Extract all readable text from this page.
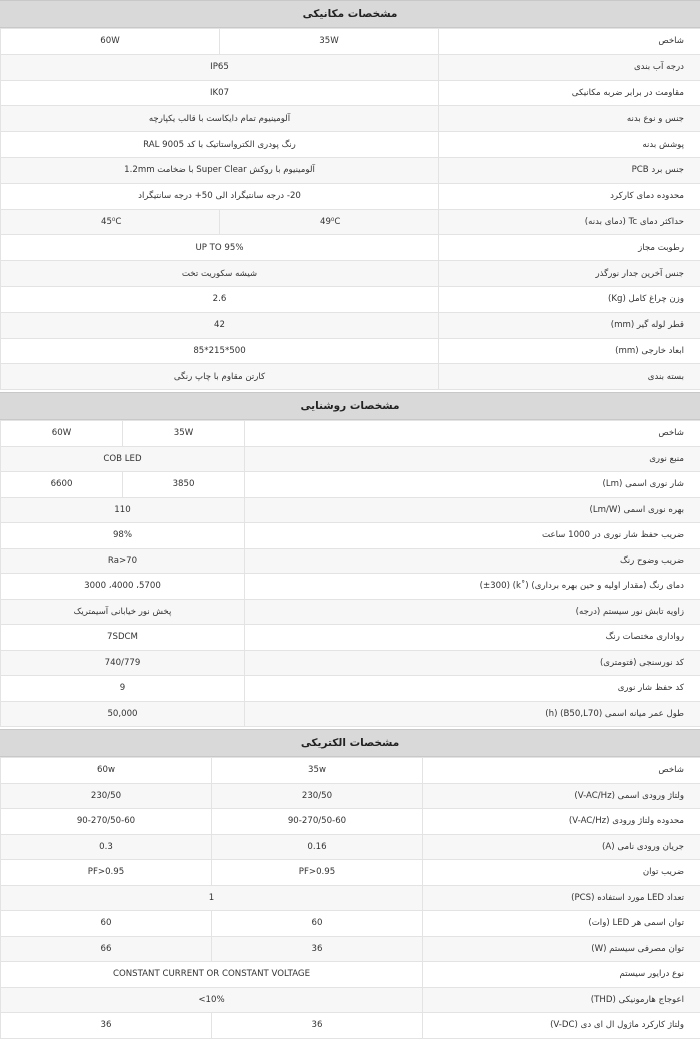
مشخصات مکانیکی
60W	35W	شاخص
IP65		درجه آب بندی
IK07		مقاومت در برابر ضربه مکانیکی
آلومینیوم تمام دایکاست با قالب یکپارچه		جنس و نوع بدنه
رنگ پودری الکترواستاتیک با کد RAL 9005		پوشش بدنه
آلومینیوم با روکش Super Clear با ضخامت 1.2mm		جنس برد PCB
20- درجه سانتیگراد الی 50+ درجه سانتیگراد		محدوده دمای کارکرد
45⁰C	49⁰C	حداکثر دمای Tc (دمای بدنه)
UP TO 95%		رطوبت مجاز
شیشه سکوریت تخت		جنس آخرین جدار نورگذر
2.6		وزن چراغ کامل (Kg)
42		قطر لوله گیر (mm)
500*215*85		ابعاد خارجی (mm)
کارتن مقاوم با چاپ رنگی		بسته بندی
مشخصات روشنایی
60W	35W	شاخص
COB LED		منبع نوری
6600	3850	شار نوری اسمی (Lm)
110		بهره نوری اسمی (Lm/W)
98%		ضریب حفظ شار نوری در 1000 ساعت
Ra>70		ضریب وضوح رنگ
5700، 4000، 3000		دمای رنگ (مقدار اولیه و حین بهره برداری) (˚k) (±300)
پخش نور خیابانی آسیمتریک		زاویه تابش نور سیستم (درجه)
7SDCM		رواداری مختصات رنگ
740/779		کد نورسنجی (فتومتری)
9		کد حفظ شار نوری
50,000		طول عمر میانه اسمی (B50,L70) (h)
مشخصات الکتریکی
60w	35w	شاخص
230/50	230/50	ولتاژ ورودی اسمی (V-AC/Hz)
90-270/50-60	90-270/50-60	محدوده ولتاژ ورودی (V-AC/Hz)
0.3	0.16	جریان ورودی نامی (A)
PF>0.95	PF>0.95	ضریب توان
1		تعداد LED مورد استفاده (PCS)
60	60	توان اسمی هر LED (وات)
66	36	توان مصرفی سیستم (W)
CONSTANT CURRENT OR CONSTANT VOLTAGE		نوع درایور سیستم
10%>		اعوجاج هارمونیکی (THD)
36	36	ولتاژ کارکرد ماژول ال ای دی (V-DC)
